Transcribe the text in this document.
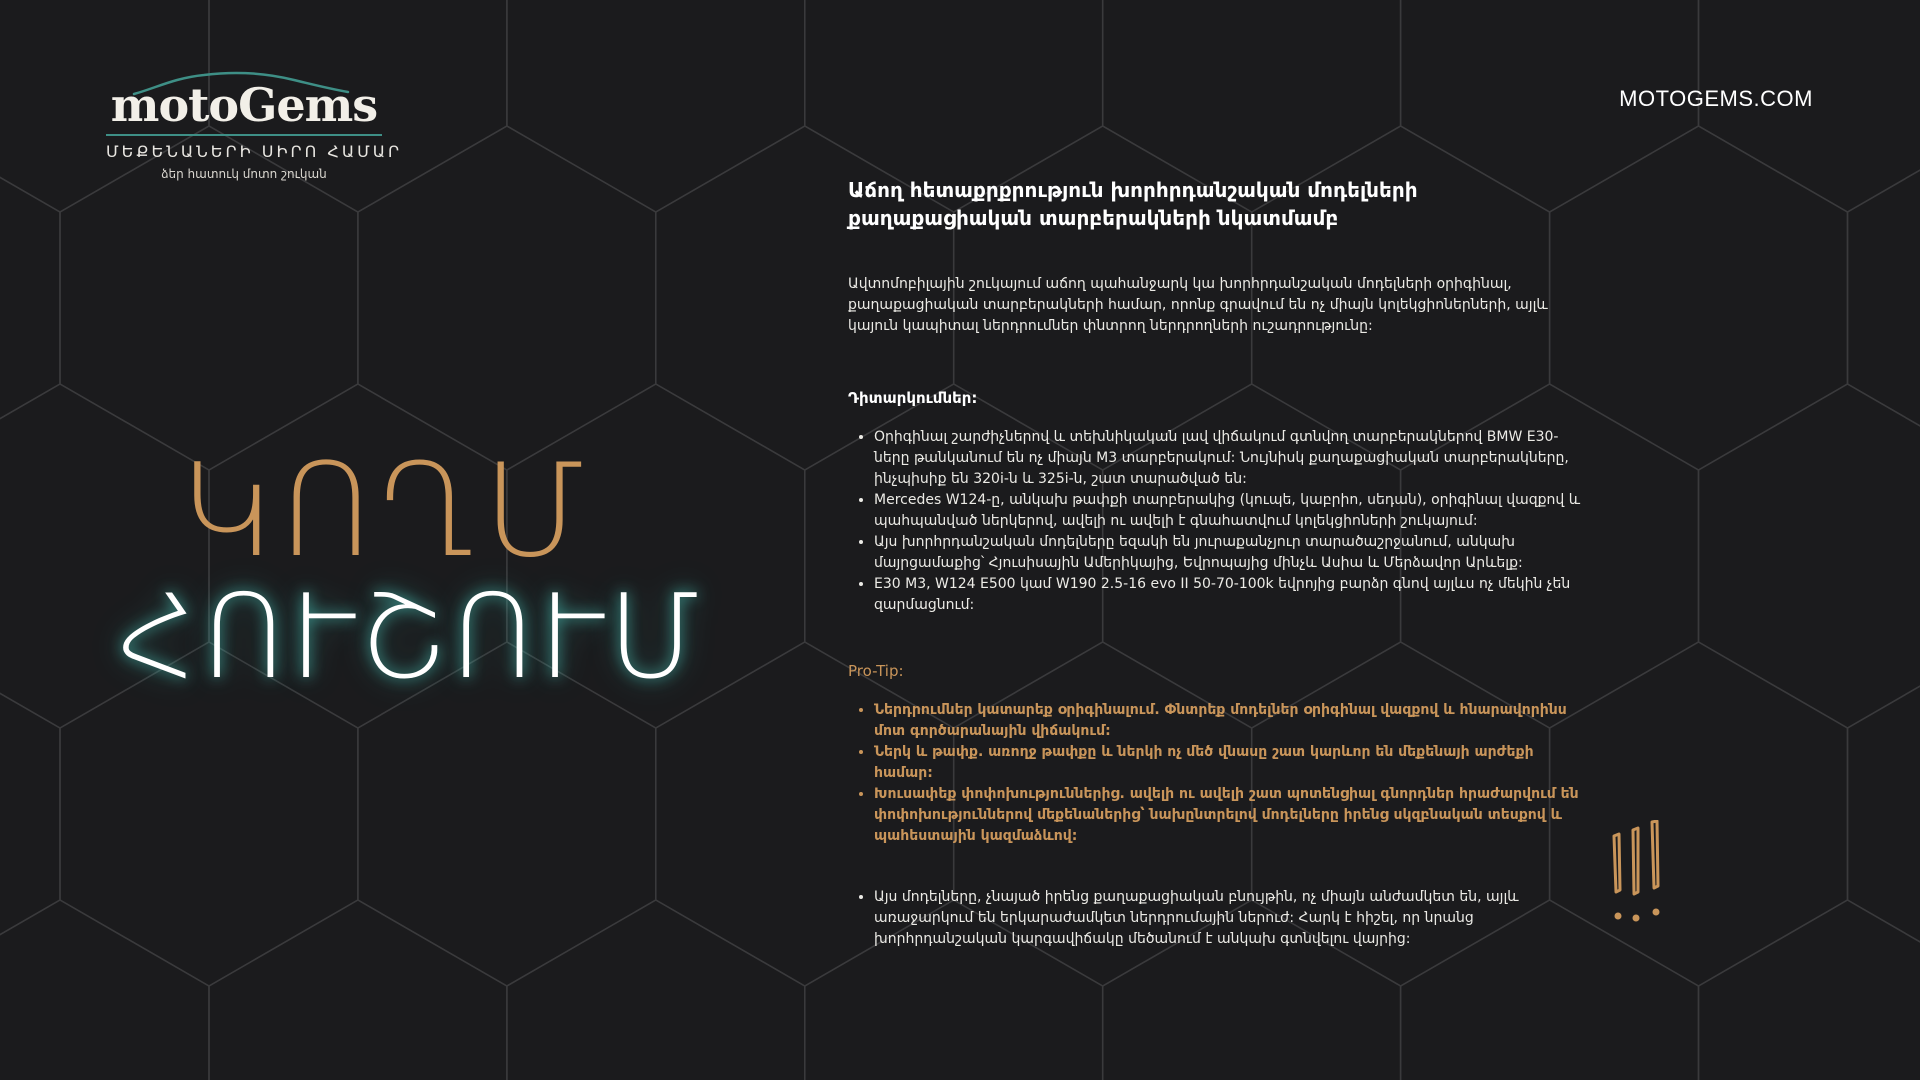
motoGems
ՄԵՔԵՆԱՆԵՐԻ ՍԻՐՈ ՀԱՄԱՐ
ձեր հատուկ մոտո շուկան
MOTOGEMS.COM
ԿՈՂՄ
ՀՈՒՇՈՒՄ
Աճող հետաքրքրություն խորհրդանշական մոդելների քաղաքացիական տարբերակների նկատմամբ

Ավտոմոբիլային շուկայում աճող պահանջարկ կա խորհրդանշական մոդելների օրիգինալ, քաղաքացիական տարբերակների համար, որոնք գրավում են ոչ միայն կոլեկցիոներների, այլև կայուն կապիտալ ներդրումներ փնտրող ներդրողների ուշադրությունը:

Դիտարկումներ:

• Օրիգինալ շարժիչներով և տեխնիկական լավ վիճակում գտնվող տարբերակներով BMW E30-ները թանկանում են ոչ միայն M3 տարբերակում: Նույնիսկ քաղաքացիական տարբերակները, ինչպիսիք են 320i-ն և 325i-ն, շատ տարածված են:
• Mercedes W124-ը, անկախ թափքի տարբերակից (կուպե, կաբրիո, սեդան), օրիգինալ վազքով և պահպանված ներկերով, ավելի ու ավելի է գնահատվում կոլեկցիոների շուկայում:
• Այս խորհրդանշական մոդելները եզակի են յուրաքանչյուր տարածաշրջանում, անկախ մայրցամաքից՝ Հյուսիսային Ամերիկայից, Եվրոպայից մինչև Ասիա և Մերձավոր Արևելք:
• E30 M3, W124 E500 կամ W190 2.5-16 evo II 50-70-100k եվրոյից բարձր գնով այլևս ոչ մեկին չեն զարմացնում:

Pro-Tip:

• Ներդրումներ կատարեք օրիգինալում. Փնտրեք մոդելներ օրիգինալ վազքով և հնարավորինս մոտ գործարանային վիճակում:
• Ներկ և թափք. առողջ թափքը և ներկի ոչ մեծ վնասը շատ կարևոր են մեքենայի արժեքի համար:
• Խուսափեք փոփոխություններից. ավելի ու ավելի շատ պոտենցիալ գնորդներ հրաժարվում են փոփոխություններով մեքենաներից՝ նախընտրելով մոդելները իրենց սկզբնական տեսքով և պահեստային կազմաձևով:
• Այս մոդելները, չնայած իրենց քաղաքացիական բնույթին, ոչ միայն անժամկետ են, այլև առաջարկում են երկարաժամկետ ներդրումային ներուժ: Հարկ է հիշել, որ նրանց խորհրդանշական կարգավիճակը մեծանում է անկախ գտնվելու վայրից:
